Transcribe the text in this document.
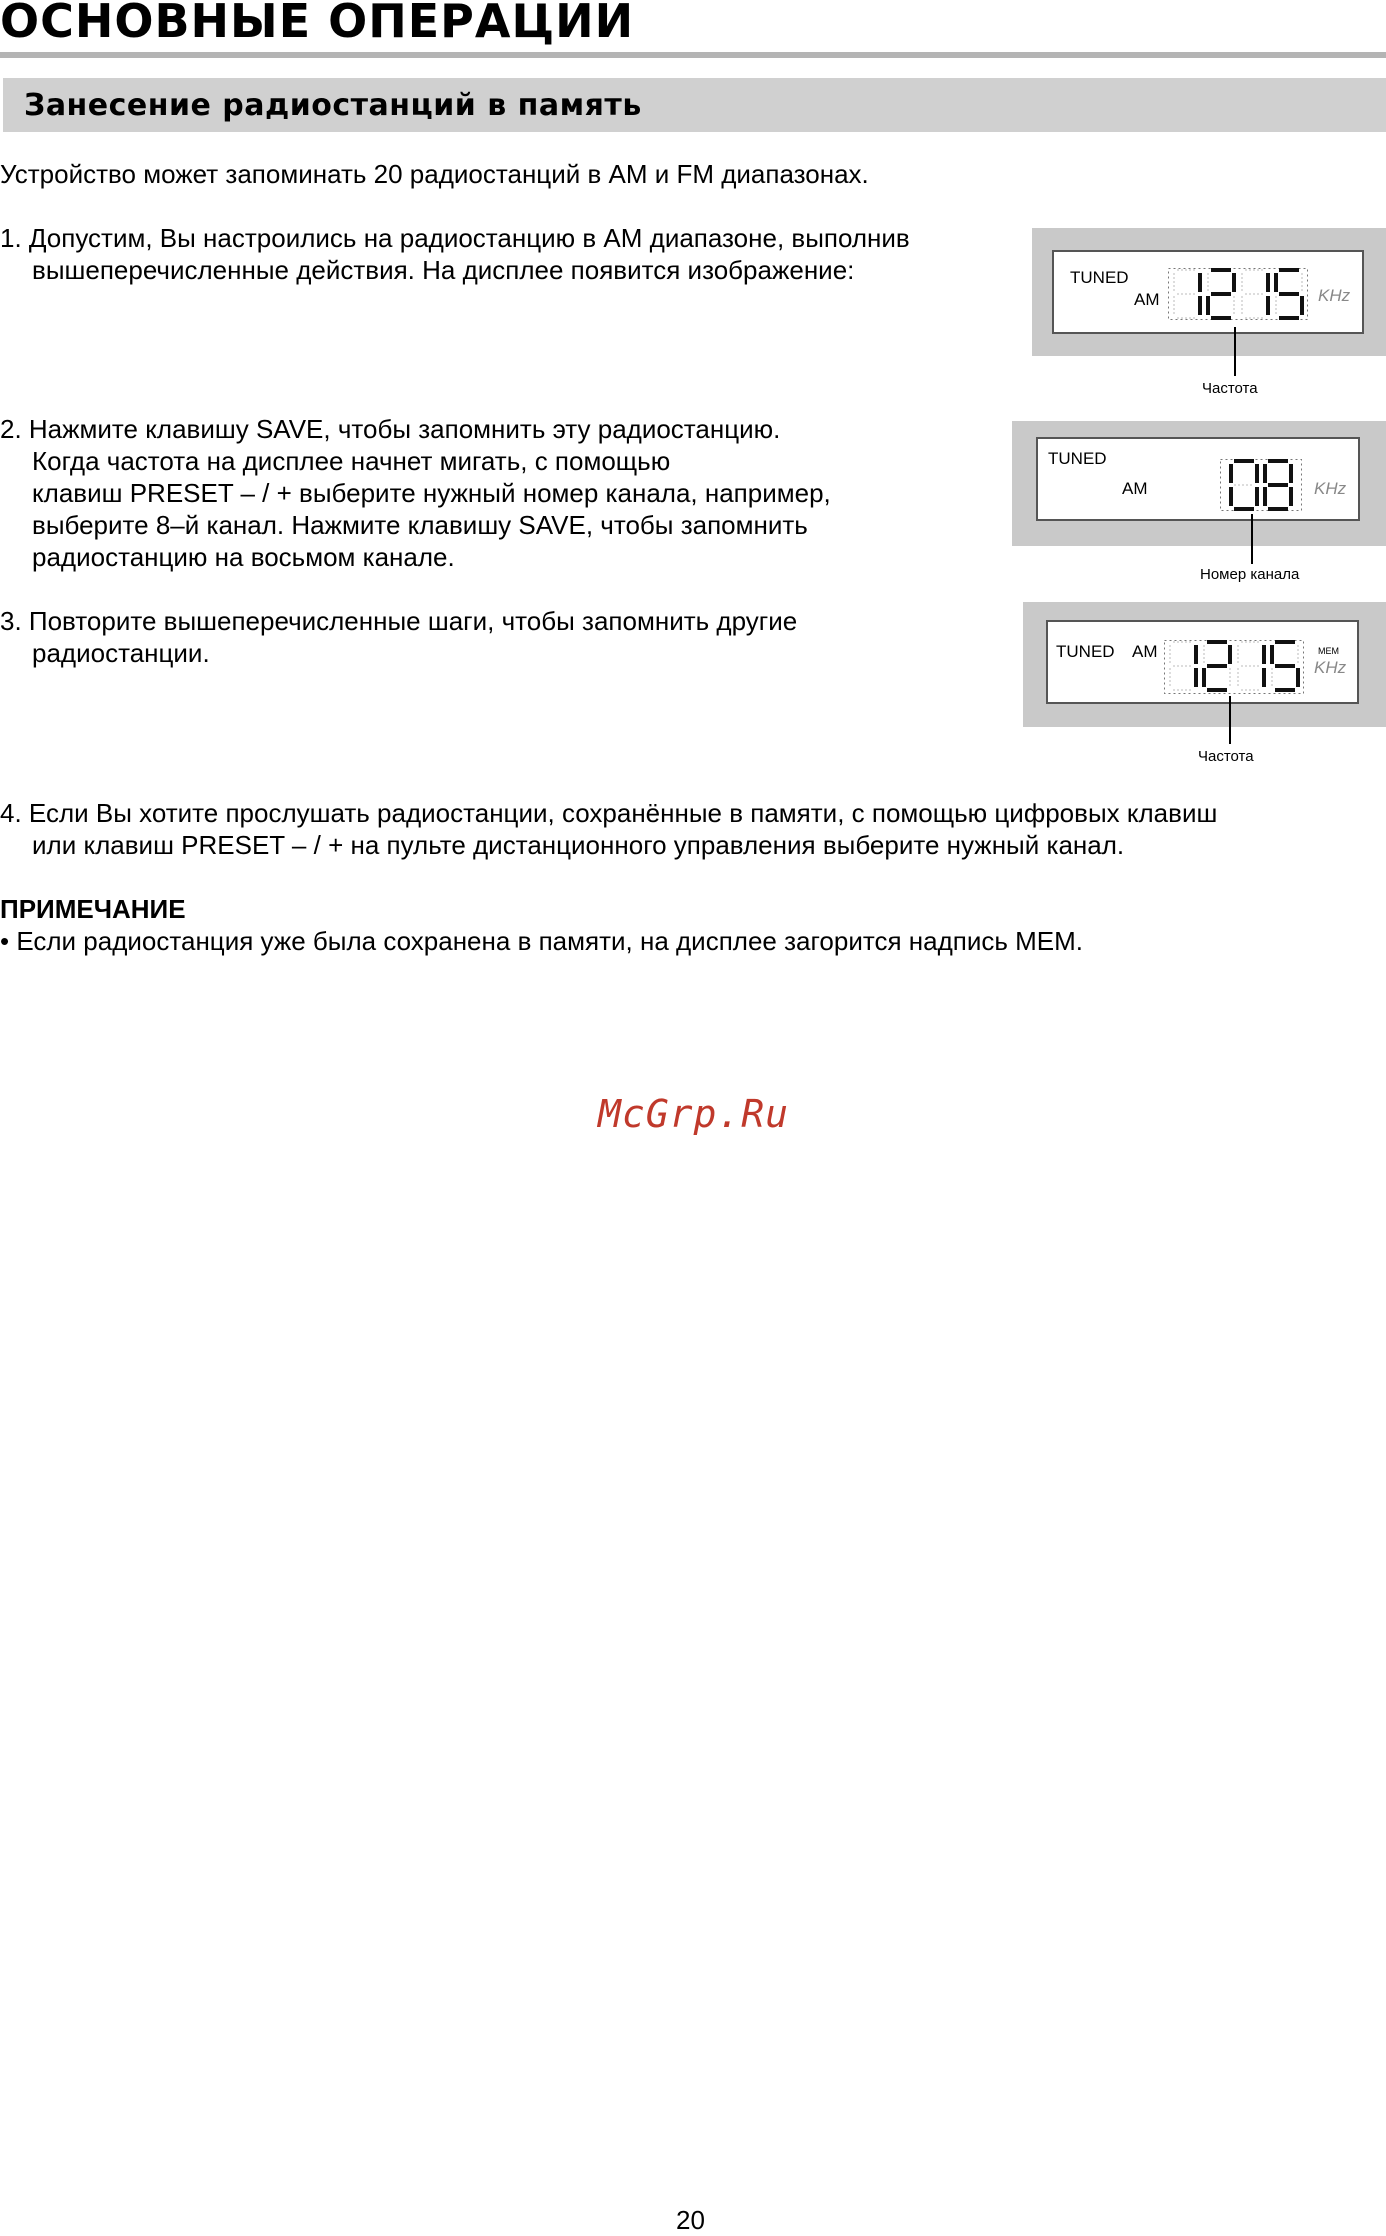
ОСНОВНЫЕ ОПЕРАЦИИ
Занесение радиостанций в память

Устройство может запоминать 20 радиостанций в АМ и FM диапазонах.

1. Допустим, Вы настроились на радиостанцию в АМ диапазоне, выполнив

вышеперечисленные действия. На дисплее появится изображение:

2. Нажмите клавишу SAVE, чтобы запомнить эту радиостанцию.

Когда частота на дисплее начнет мигать, с помощью

клавиш PRESET – / + выберите нужный номер канала, например,

выберите 8–й канал. Нажмите клавишу SAVE, чтобы запомнить

радиостанцию на восьмом канале.

3. Повторите вышеперечисленные шаги, чтобы запомнить другие

радиостанции.

4. Если Вы хотите прослушать радиостанции, сохранённые в памяти, с помощью цифровых клавиш

или клавиш PRESET – / + на пульте дистанционного управления выберите нужный канал.

ПРИМЕЧАНИЕ

• Если радиостанция уже была сохранена в памяти, на дисплее загорится надпись MEM.

TUNED
AM	KHz
Частота
TUNED
AM	KHz
Номер канала
TUNED AM	MEM
KHz
Частота

McGrp.Ru

20
